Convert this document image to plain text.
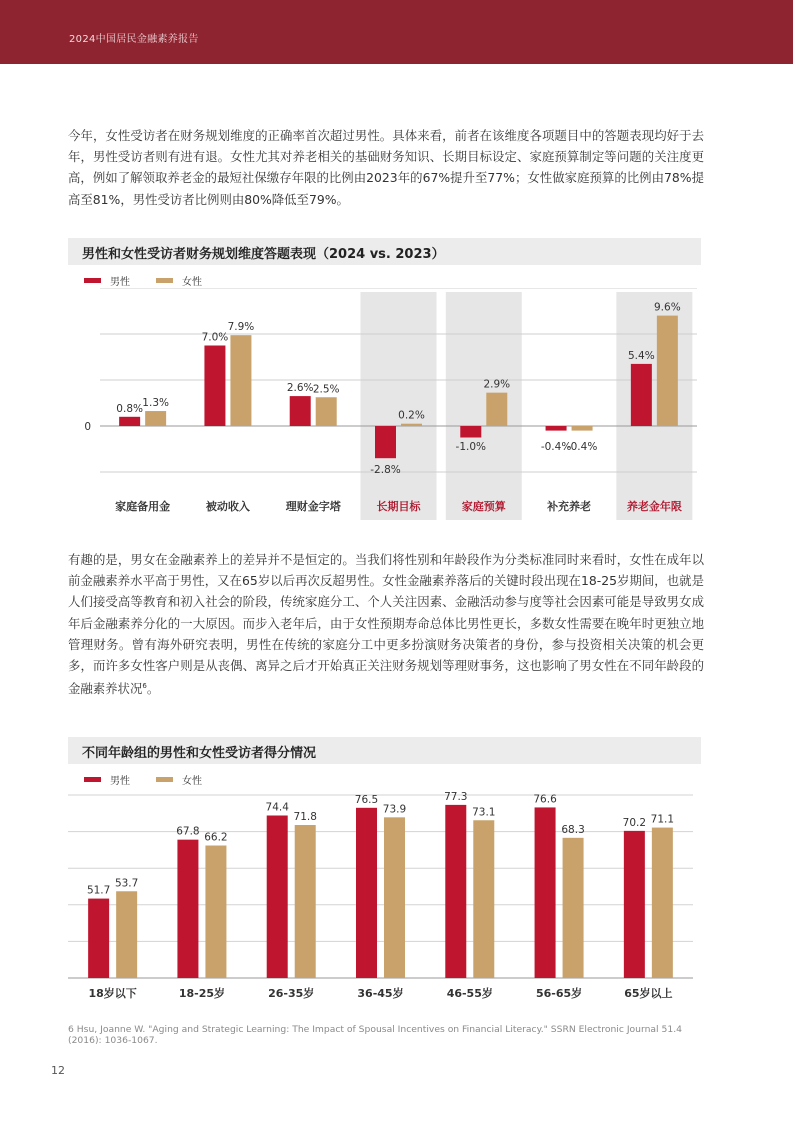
2024中国居民金融素养报告

今年，女性受访者在财务规划维度的正确率首次超过男性。具体来看，前者在该维度各项题目中的答题表现均好于去年，男性受访者则有进有退。女性尤其对养老相关的基础财务知识、长期目标设定、家庭预算制定等问题的关注度更高，例如了解领取养老金的最短社保缴存年限的比例由2023年的67%提升至77%；女性做家庭预算的比例由78%提高至81%，男性受访者比例则由80%降低至79%。

男性和女性受访者财务规划维度答题表现（2024 vs. 2023）
男性	女性
0
0.8% 1.3%
家庭备用金
7.0%
7.9%
被动收入
2.6% 2.5%
理财金字塔
-2.8%
0.2%
长期目标
-1.0%
2.9%
家庭预算
-0.4%
-0.4%
补充养老
5.4%
9.6%
养老金年限
有趣的是，男女在金融素养上的差异并不是恒定的。当我们将性别和年龄段作为分类标准同时来看时，女性在成年以前金融素养水平高于男性，又在65岁以后再次反超男性。女性金融素养落后的关键时段出现在18-25岁期间，也就是人们接受高等教育和初入社会的阶段，传统家庭分工、个人关注因素、金融活动参与度等社会因素可能是导致男女成年后金融素养分化的一大原因。而步入老年后，由于女性预期寿命总体比男性更长，多数女性需要在晚年时更独立地管理财务。曾有海外研究表明，男性在传统的家庭分工中更多扮演财务决策者的身份，参与投资相关决策的机会更多，而许多女性客户则是从丧偶、离异之后才开始真正关注财务规划等理财事务，这也影响了男女性在不同年龄段的金融素养状况$^6$。
不同年龄组的男性和女性受访者得分情况
男性	女性
51.7
53.7
18岁以下
67.8 66.2
18-25岁
74.4
71.8
26-35岁
76.5
73.9
36-45岁
77.3
73.1
46-55岁
76.6
68.3
56-65岁
70.2 71.1
65岁以上
6 Hsu, Joanne W. "Aging and Strategic Learning: The Impact of Spousal Incentives on Financial Literacy." SSRN Electronic Journal 51.4 (2016): 1036-1067.
12
